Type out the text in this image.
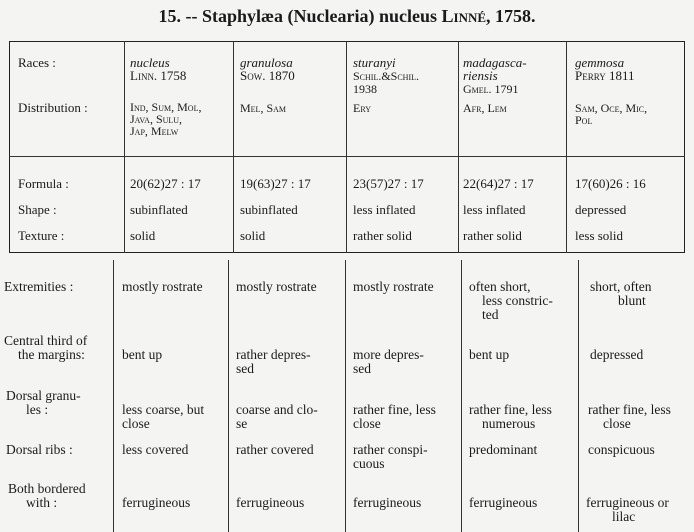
15. -- Staphylæa (Nuclearia) nucleus Linné, 1758.
Races :
Distribution :
Formula :
Shape :
Texture :
nucleus
Linn. 1758
Ind, Sum, Mol,
Java, Sulu,
Jap, Melw
20(62)27 : 17
subinflated
solid
granulosa
Sow. 1870
Mel, Sam
19(63)27 : 17
subinflated
solid
sturanyi
Schil.&Schil.
1938
Ery
23(57)27 : 17
less inflated
rather solid
madagasca-
riensis
Gmel. 1791
Afr, Lem
22(64)27 : 17
less inflated
rather solid
gemmosa
Perry 1811
Sam, Oce, Mic,
Pol
17(60)26 : 16
depressed
less solid
Extremities :
Central third of
the margins:
Dorsal granu-
les :
Dorsal ribs :
Both bordered
with :
mostly rostrate
bent up
less coarse, but
close
less covered
ferrugineous
mostly rostrate
rather depres-
sed
coarse and clo-
se
rather covered
ferrugineous
mostly rostrate
more depres-
sed
rather fine, less
close
rather conspi-
cuous
ferrugineous
often short,
less constric-
ted
bent up
rather fine, less
numerous
predominant
ferrugineous
short, often
blunt
depressed
rather fine, less
close
conspicuous
ferrugineous or
lilac
